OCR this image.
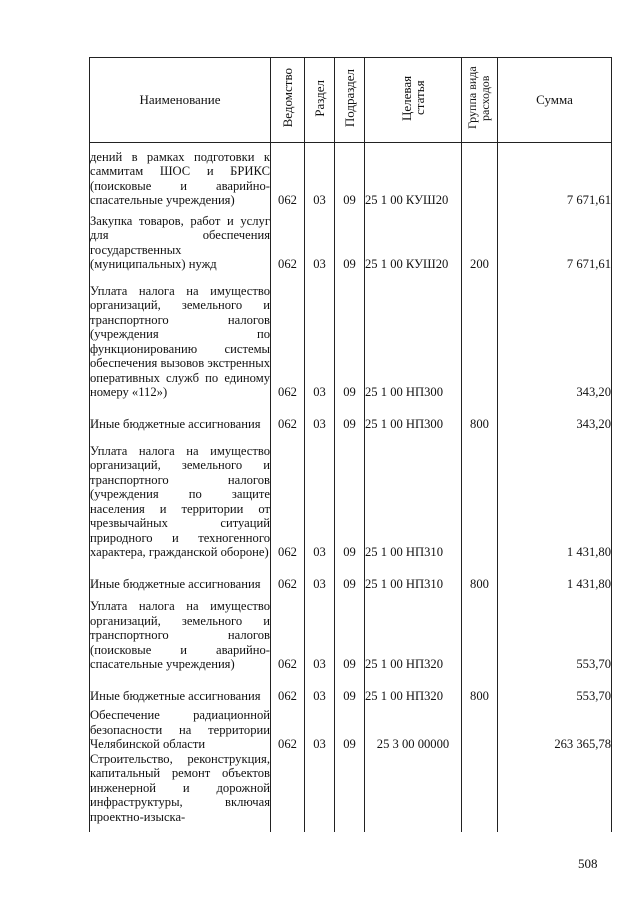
Наименование	Ведомство	Раздел	Подраздел	Целевая статья	Группа вида расходов	Сумма
дений в рамках подготовки к саммитам ШОС и БРИКС (поисковые и аварийно-спасательные учреждения)	062	03	09	25 1 00 КУШ20		7 671,61
Закупка товаров, работ и услуг для обеспечения государственных (муниципальных) нужд	062	03	09	25 1 00 КУШ20	200	7 671,61
Уплата налога на имущество организаций, земельного и транспортного налогов (учреждения по функционированию системы обеспечения вызовов экстренных оперативных служб по единому номеру «112»)	062	03	09	25 1 00 НП300		343,20
Иные бюджетные ассигнования	062	03	09	25 1 00 НП300	800	343,20
Уплата налога на имущество организаций, земельного и транспортного налогов (учреждения по защите населения и территории от чрезвычайных ситуаций природного и техногенного характера, гражданской обороне)	062	03	09	25 1 00 НП310		1 431,80
Иные бюджетные ассигнования	062	03	09	25 1 00 НП310	800	1 431,80
Уплата налога на имущество организаций, земельного и транспортного налогов (поисковые и аварийно-спасательные учреждения)	062	03	09	25 1 00 НП320		553,70
Иные бюджетные ассигнования	062	03	09	25 1 00 НП320	800	553,70
Обеспечение радиационной безопасности на территории Челябинской области	062	03	09	25 3 00 00000		263 365,78
Строительство, реконструкция, капитальный ремонт объектов инженерной и дорожной инфраструктуры, включая проектно-изыска-						
508
